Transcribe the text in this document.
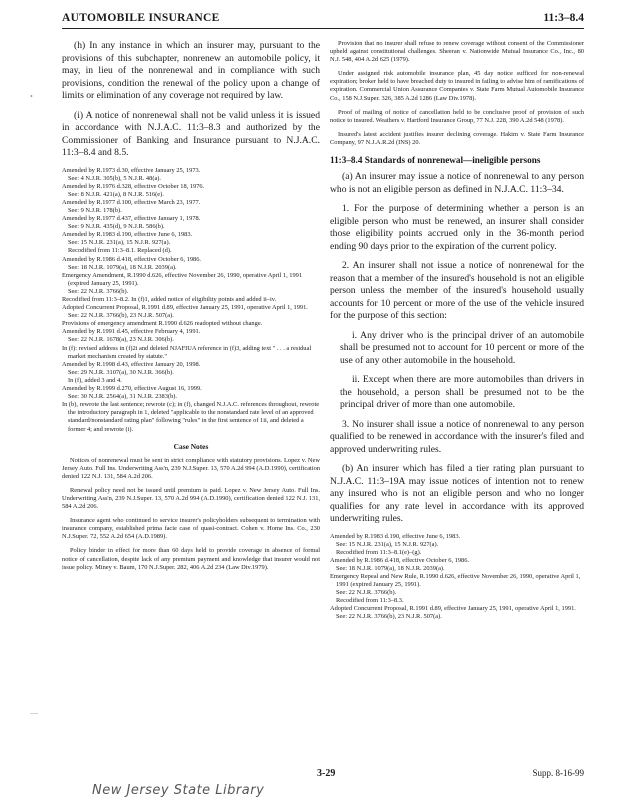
AUTOMOBILE INSURANCE	11:3–8.4

(h) In any instance in which an insurer may, pursuant to the provisions of this subchapter, nonrenew an automobile policy, it may, in lieu of the nonrenewal and in compliance with such provisions, condition the renewal of the policy upon a change of limits or elimination of any coverage not required by law.

(i) A notice of nonrenewal shall not be valid unless it is issued in accordance with N.J.A.C. 11:3–8.3 and authorized by the Commissioner of Banking and Insurance pursuant to N.J.A.C. 11:3–8.4 and 8.5.

Amended by R.1973 d.30, effective January 25, 1973.

See: 4 N.J.R. 305(b), 5 N.J.R. 48(a).

Amended by R.1976 d.328, effective October 18, 1976.

See: 8 N.J.R. 421(a), 8 N.J.R. 516(e).

Amended by R.1977 d.100, effective March 23, 1977.

See: 9 N.J.R. 178(b).

Amended by R.1977 d.437, effective January 1, 1978.

See: 9 N.J.R. 435(d), 9 N.J.R. 586(b).

Amended by R.1983 d.190, effective June 6, 1983.

See: 15 N.J.R. 231(a), 15 N.J.R. 927(a).

Recodified from 11:3–8.1. Replaced (d).

Amended by R.1986 d.418, effective October 6, 1986.

See: 18 N.J.R. 1079(a), 18 N.J.R. 2039(a).

Emergency Amendment, R.1990 d.626, effective November 26, 1990, operative April 1, 1991 (expired January 25, 1991).

See: 22 N.J.R. 3766(b).

Recodified from 11:3–8.2. In (f)1, added notice of eligibility points and added ii–iv.

Adopted Concurrent Proposal, R.1991 d.89, effective January 25, 1991, operative April 1, 1991.

See: 22 N.J.R. 3766(b), 23 N.J.R. 507(a).

Provisions of emergency amendment R.1990 d.626 readopted without change.

Amended by R.1991 d.45, effective February 4, 1991.

See: 22 N.J.R. 1678(a), 23 N.J.R. 306(b).

In (f): revised address in (f)2i and deleted NJAFIUA reference in (f)3, adding text " . . . a residual market mechanism created by statute."

Amended by R.1998 d.43, effective January 20, 1998.

See: 29 N.J.R. 3107(a), 30 N.J.R. 366(b).

In (f), added 3 and 4.

Amended by R.1999 d.270, effective August 16, 1999.

See: 30 N.J.R. 2564(a), 31 N.J.R. 2383(b).

In (b), rewrote the last sentence; rewrote (c); in (f), changed N.J.A.C. references throughout, rewrote the introductory paragraph in 1, deleted "applicable to the nonstandard rate level of an approved standard/nonstandard rating plan" following "rules" in the first sentence of 1ii, and deleted a former 4; and rewrote (i).

Case Notes

Notices of nonrenewal must be sent in strict compliance with statutory provisions. Lopez v. New Jersey Auto. Full Ins. Underwriting Ass'n, 239 N.J.Super. 13, 570 A.2d 994 (A.D.1990), certification denied 122 N.J. 131, 584 A.2d 206.

Renewal policy need not be issued until premium is paid. Lopez v. New Jersey Auto. Full Ins. Underwriting Ass'n, 239 N.J.Super. 13, 570 A.2d 994 (A.D.1990), certification denied 122 N.J. 131, 584 A.2d 206.

Insurance agent who continued to service insurer's policyholders subsequent to termination with insurance company, established prima facie case of quasi-contract. Cohen v. Home Ins. Co., 230 N.J.Super. 72, 552 A.2d 654 (A.D.1989).

Policy binder in effect for more than 60 days held to provide coverage in absence of formal notice of cancellation, despite lack of any premium payment and knowledge that insurer would not issue policy. Miney v. Baum, 170 N.J.Super. 282, 406 A.2d 234 (Law Div.1979).

Provision that no insurer shall refuse to renew coverage without consent of the Commissioner upheld against constitutional challenges. Sheeran v. Nationwide Mutual Insurance Co., Inc., 80 N.J. 548, 404 A.2d 625 (1979).

Under assigned risk automobile insurance plan, 45 day notice sufficed for non-renewal expiration; broker held to have breached duty to insured in failing to advise him of ramifications of expiration. Commercial Union Assurance Companies v. State Farm Mutual Automobile Insurance Co., 158 N.J.Super. 326, 385 A.2d 1286 (Law Div.1978).

Proof of mailing of notice of cancellation held to be conclusive proof of provision of such notice to insured. Weathers v. Hartford Insurance Group, 77 N.J. 228, 390 A.2d 548 (1978).

Insured's latest accident justifies insurer declining coverage. Hakim v. State Farm Insurance Company, 97 N.J.A.R.2d (INS) 20.

11:3–8.4 Standards of nonrenewal—ineligible persons

(a) An insurer may issue a notice of nonrenewal to any person who is not an eligible person as defined in N.J.A.C. 11:3–34.

1. For the purpose of determining whether a person is an eligible person who must be renewed, an insurer shall consider those eligibility points accrued only in the 36-month period ending 90 days prior to the expiration of the current policy.

2. An insurer shall not issue a notice of nonrenewal for the reason that a member of the insured's household is not an eligible person unless the member of the insured's household usually accounts for 10 percent or more of the use of the vehicle insured for the purpose of this section:

i. Any driver who is the principal driver of an automobile shall be presumed not to account for 10 percent or more of the use of any other automobile in the household.

ii. Except when there are more automobiles than drivers in the household, a person shall be presumed not to be the principal driver of more than one automobile.

3. No insurer shall issue a notice of nonrenewal to any person qualified to be renewed in accordance with the insurer's filed and approved underwriting rules.

(b) An insurer which has filed a tier rating plan pursuant to N.J.A.C. 11:3–19A may issue notices of intention not to renew any insured who is not an eligible person and who no longer qualifies for any rate level in accordance with its approved underwriting rules.

Amended by R.1983 d.190, effective June 6, 1983.

See: 15 N.J.R. 231(a), 15 N.J.R. 927(a).

Recodified from 11:3–8.1(e)–(g).

Amended by R.1986 d.418, effective October 6, 1986.

See: 18 N.J.R. 1079(a), 18 N.J.R. 2039(a).

Emergency Repeal and New Rule, R.1990 d.626, effective November 26, 1990, operative April 1, 1991 (expired January 25, 1991).

See: 22 N.J.R. 3766(b).

Recodified from 11:3–8.3.

Adopted Concurrent Proposal, R.1991 d.89, effective January 25, 1991, operative April 1, 1991.

See: 22 N.J.R. 3766(b), 23 N.J.R. 507(a).

3-29	Supp. 8-16-99
New Jersey State Library
•
—
